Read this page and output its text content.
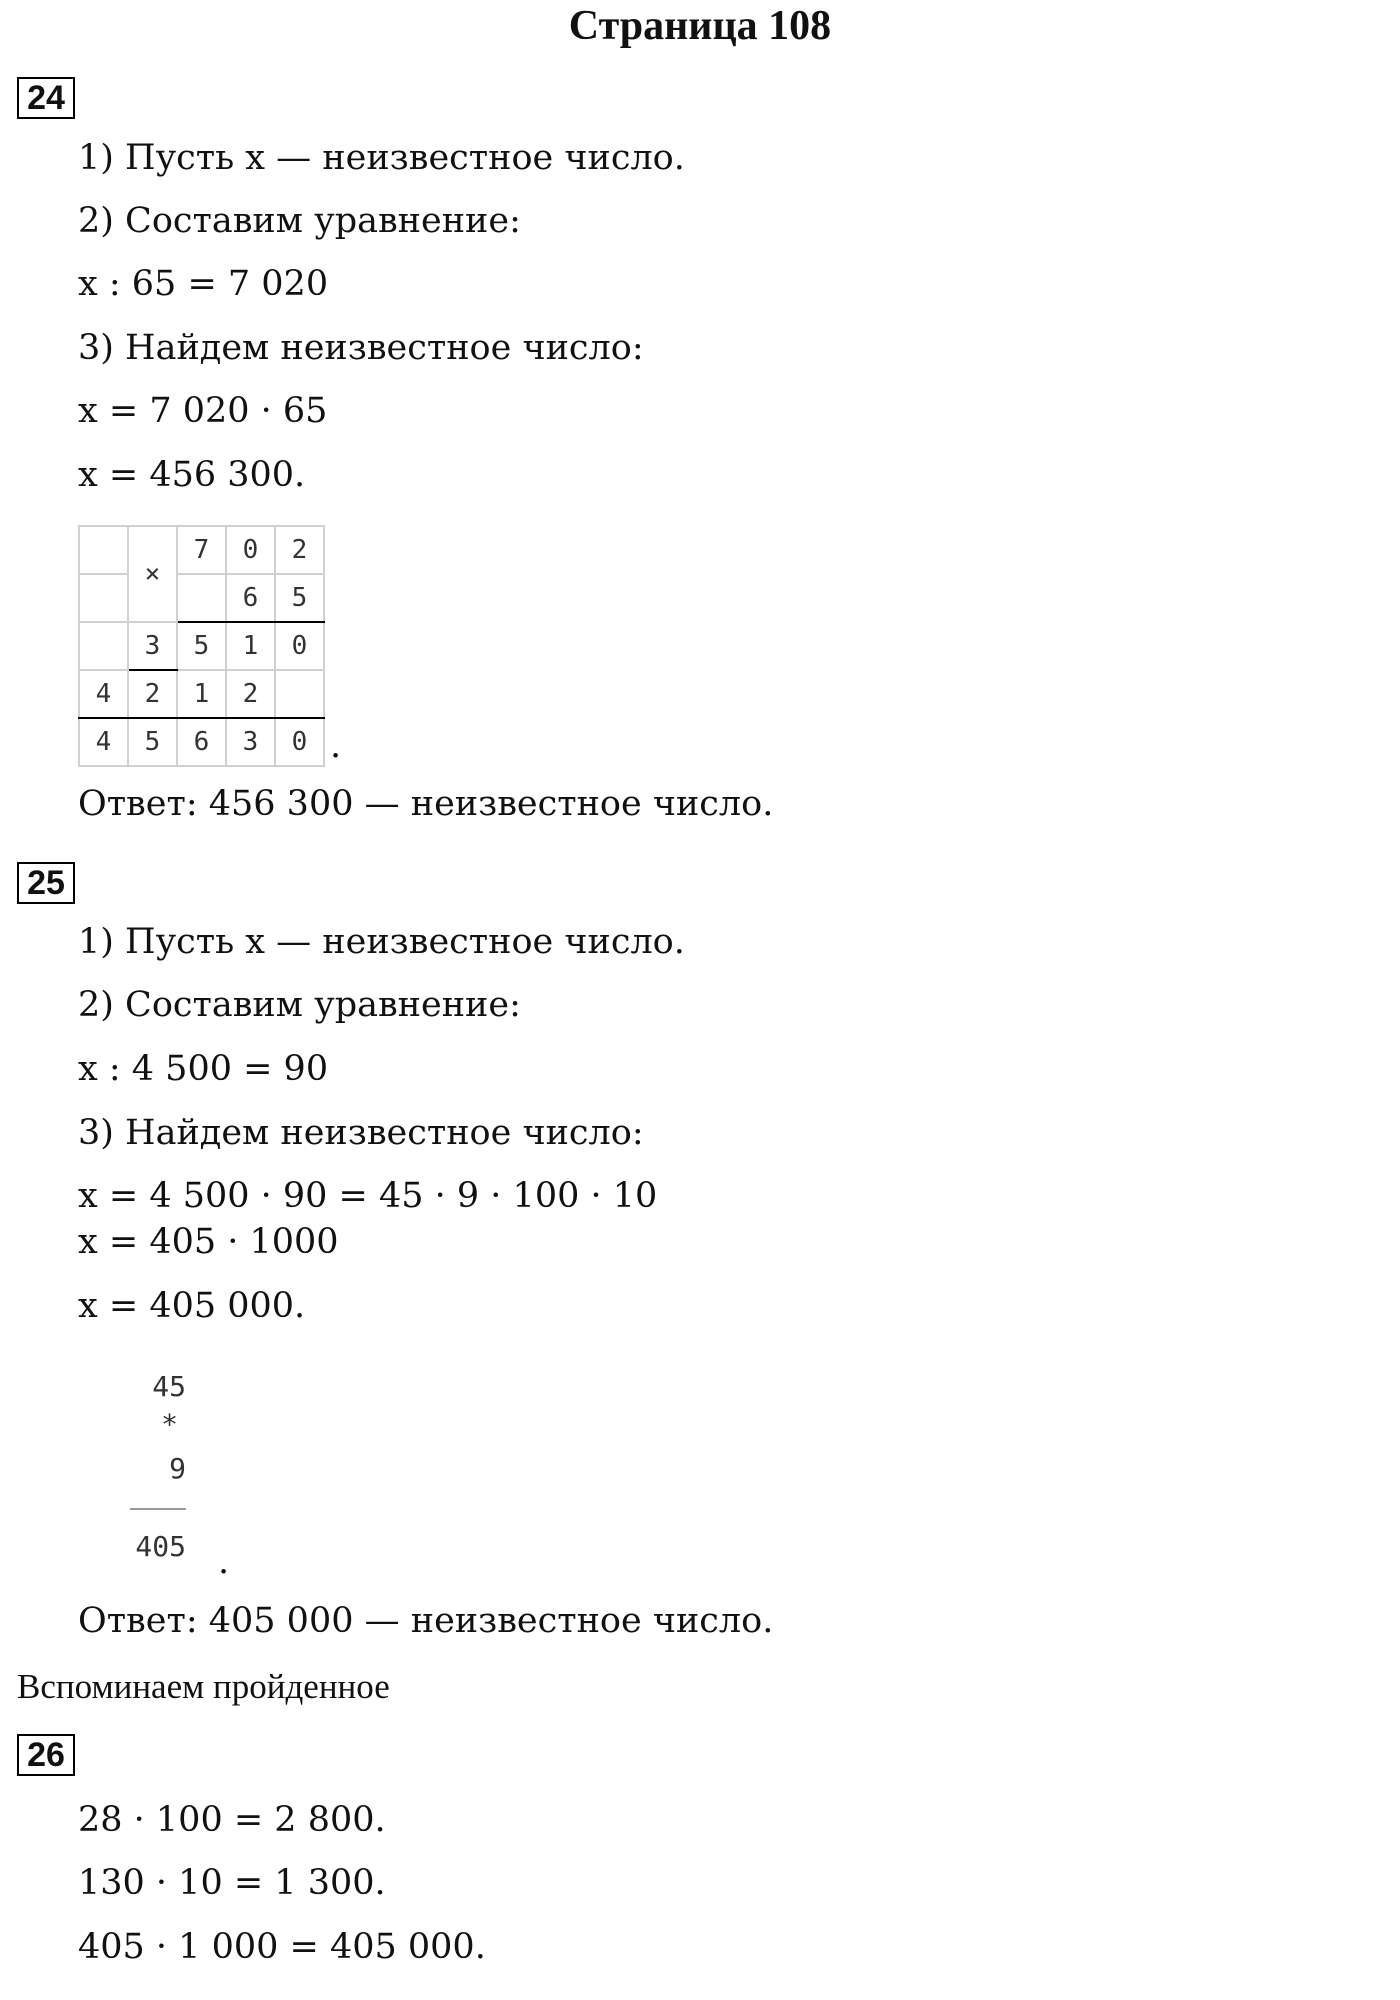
Страница 108
24

1) Пусть x — неизвестное число.

2) Составим уравнение:

x : 65 = 7 020

3) Найдем неизвестное число:

x = 7 020 · 65

x = 456 300.

	×	7	0	2
			6	5
	3	5	1	0
4	2	1	2	
4	5	6	3	0 .

Ответ: 456 300 — неизвестное число.

25

1) Пусть x — неизвестное число.

2) Составим уравнение:

x : 4 500 = 90

3) Найдем неизвестное число:

x = 4 500 · 90 = 45 · 9 · 100 · 10

x = 405 · 1000

x = 405 000.

45
*
9
405 .

Ответ: 405 000 — неизвестное число.

Вспоминаем пройденное

26

28 · 100 = 2 800.

130 · 10 = 1 300.

405 · 1 000 = 405 000.
